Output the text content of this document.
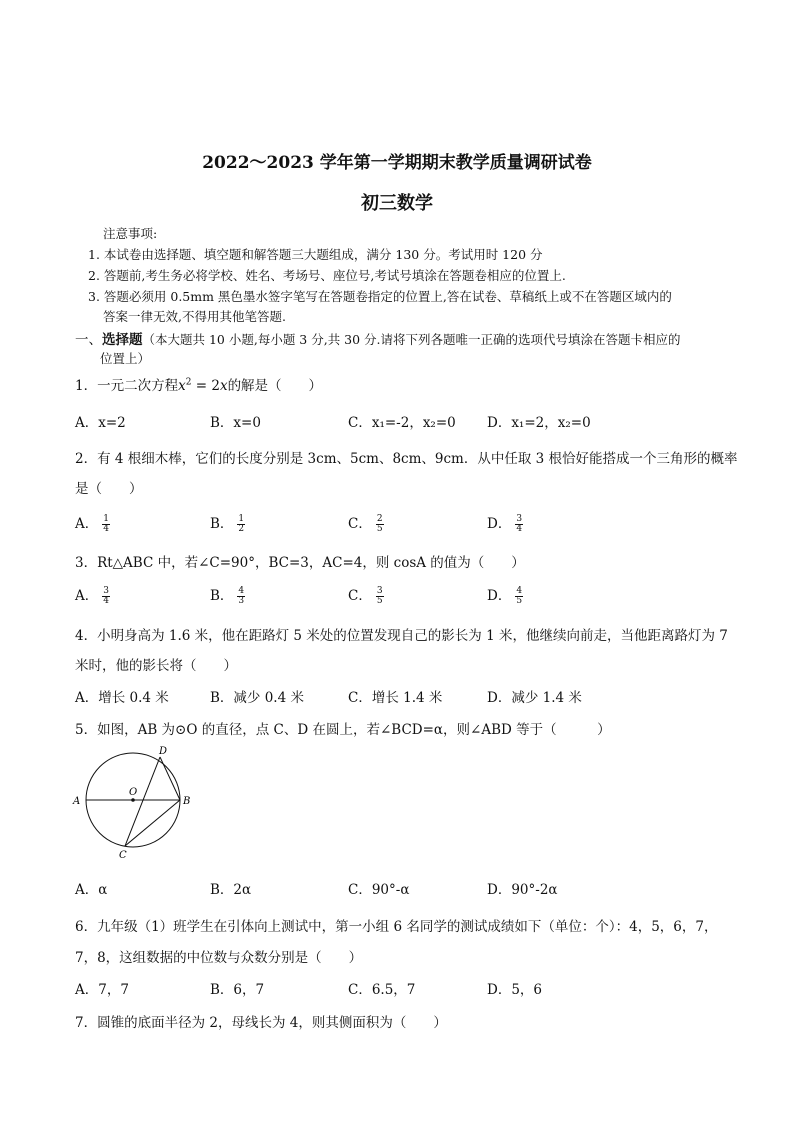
2022～2023 学年第一学期期末教学质量调研试卷
初三数学
注意事项:
1. 本试卷由选择题、填空题和解答题三大题组成，满分 130 分。考试用时 120 分
2. 答题前,考生务必将学校、姓名、考场号、座位号,考试号填涂在答题卷相应的位置上.
3. 答题必须用 0.5mm 黑色墨水签字笔写在答题卷指定的位置上,答在试卷、草稿纸上或不在答题区域内的
答案一律无效,不得用其他笔答题.
一、选择题（本大题共 10 小题,每小题 3 分,共 30 分.请将下列各题唯一正确的选项代号填涂在答题卡相应的
位置上）
1．一元二次方程$x^2 = 2x$的解是（　　）
A．x=2	B．x=0	C．x₁=-2，x₂=0 D．x₁=2，x₂=0
2．有 4 根细木棒，它们的长度分别是 3cm、5cm、8cm、9cm．从中任取 3 根恰好能搭成一个三角形的概率
是（　　）
A． $\frac{1}{4}$	B． $\frac{1}{2}$	C． $\frac{2}{5}$	D． $\frac{3}{4}$
3．Rt△ABC 中，若∠C=90°，BC=3，AC=4，则 cosA 的值为（　　）
A． $\frac{3}{4}$	B． $\frac{4}{3}$	C． $\frac{3}{5}$	D． $\frac{4}{5}$
4．小明身高为 1.6 米，他在距路灯 5 米处的位置发现自己的影长为 1 米，他继续向前走，当他距离路灯为 7
米时，他的影长将（　　）
A．增长 0.4 米	B．减少 0.4 米	C．增长 1.4 米	D．减少 1.4 米
5．如图，AB 为⊙O 的直径，点 C、D 在圆上，若∠BCD=α，则∠ABD 等于（　　　）
A
O
B
C
D
A．α	B．2α	C．90°-α	D．90°-2α
6．九年级（1）班学生在引体向上测试中，第一小组 6 名同学的测试成绩如下（单位：个）：4，5，6，7，
7，8，这组数据的中位数与众数分别是（　　）
A．7，7	B．6，7	C．6.5，7	D．5，6
7．圆锥的底面半径为 2，母线长为 4，则其侧面积为（　　）
